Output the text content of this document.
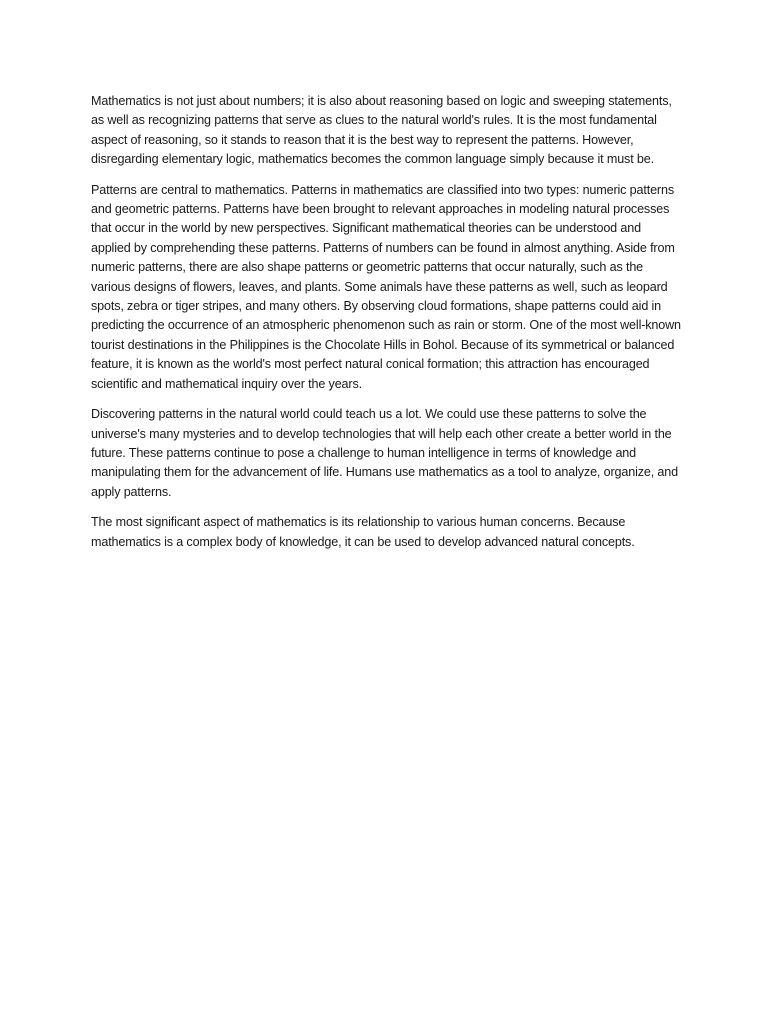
Mathematics is not just about numbers; it is also about reasoning based on logic and sweeping statements, as well as recognizing patterns that serve as clues to the natural world's rules. It is the most fundamental aspect of reasoning, so it stands to reason that it is the best way to represent the patterns. However, disregarding elementary logic, mathematics becomes the common language simply because it must be.

Patterns are central to mathematics. Patterns in mathematics are classified into two types: numeric patterns and geometric patterns. Patterns have been brought to relevant approaches in modeling natural processes that occur in the world by new perspectives. Significant mathematical theories can be understood and applied by comprehending these patterns. Patterns of numbers can be found in almost anything. Aside from numeric patterns, there are also shape patterns or geometric patterns that occur naturally, such as the various designs of flowers, leaves, and plants. Some animals have these patterns as well, such as leopard spots, zebra or tiger stripes, and many others. By observing cloud formations, shape patterns could aid in predicting the occurrence of an atmospheric phenomenon such as rain or storm. One of the most well-known tourist destinations in the Philippines is the Chocolate Hills in Bohol. Because of its symmetrical or balanced feature, it is known as the world's most perfect natural conical formation; this attraction has encouraged scientific and mathematical inquiry over the years.

Discovering patterns in the natural world could teach us a lot. We could use these patterns to solve the universe's many mysteries and to develop technologies that will help each other create a better world in the future. These patterns continue to pose a challenge to human intelligence in terms of knowledge and manipulating them for the advancement of life. Humans use mathematics as a tool to analyze, organize, and apply patterns.

The most significant aspect of mathematics is its relationship to various human concerns. Because mathematics is a complex body of knowledge, it can be used to develop advanced natural concepts.
